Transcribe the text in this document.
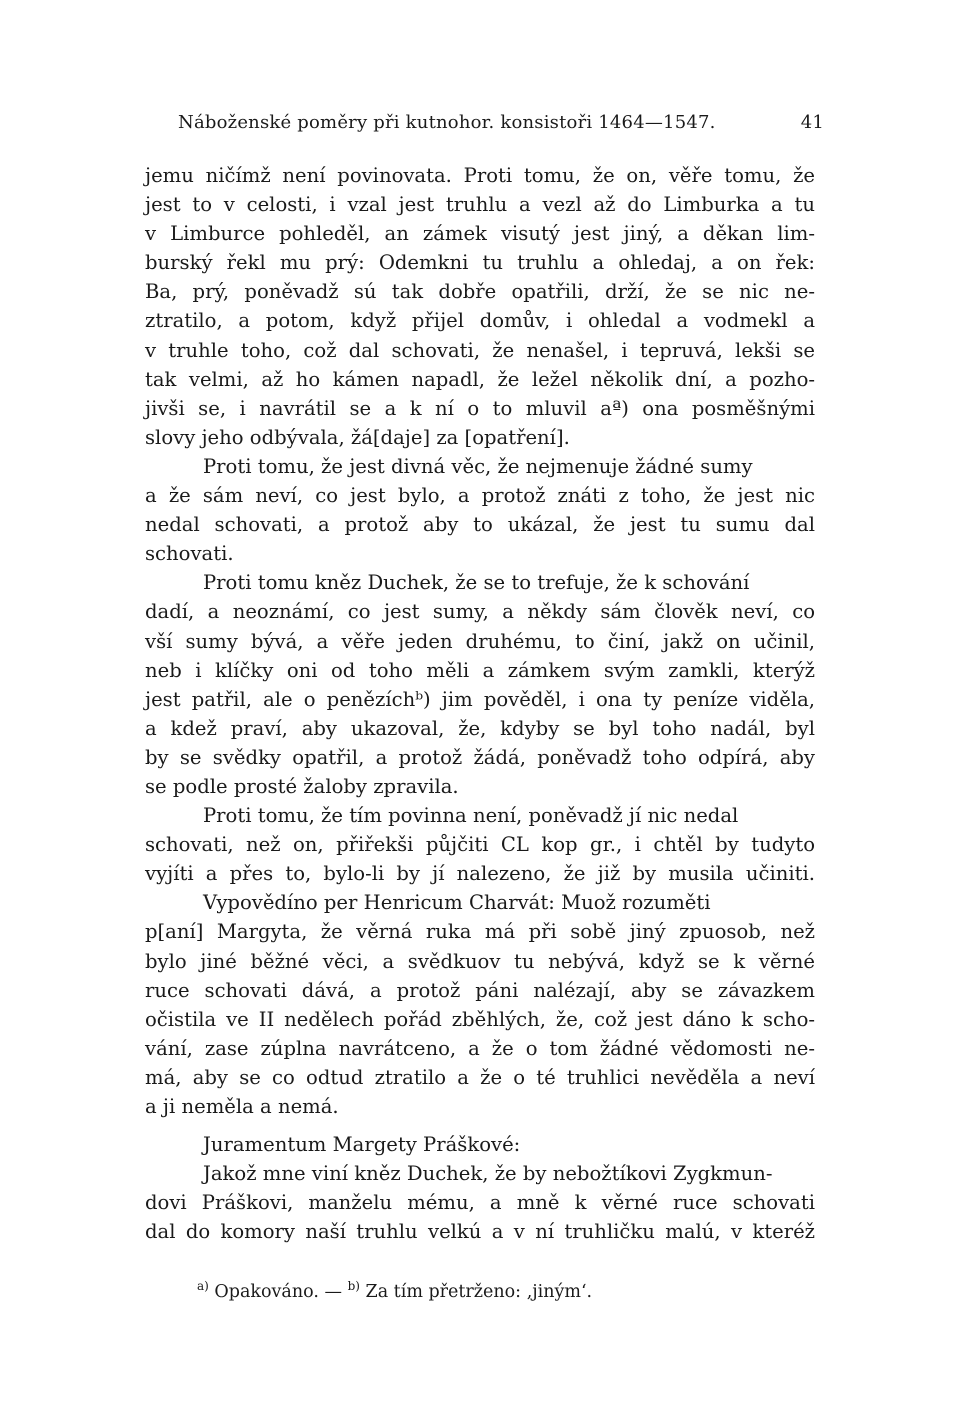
Náboženské poměry při kutnohor. konsistoři 1464—1547.	41
jemu ničímž není povinovata. Proti tomu, že on, věře tomu, že
jest to v celosti, i vzal jest truhlu a vezl až do Limburka a tu
v Limburce pohleděl, an zámek visutý jest jiný, a děkan lim-
burský řekl mu prý: Odemkni tu truhlu a ohledaj, a on řek:
Ba, prý, poněvadž sú tak dobře opatřili, drží, že se nic ne-
ztratilo, a potom, když přijel domův, i ohledal a vodmekl a
v truhle toho, což dal schovati, že nenašel, i tepruvá, lekši se
tak velmi, až ho kámen napadl, že ležel několik dní, a pozho-
jivši se, i navrátil se a k ní o to mluvil aª) ona posměšnými
slovy jeho odbývala, žá[daje] za [opatření].
Proti tomu, že jest divná věc, že nejmenuje žádné sumy
a že sám neví, co jest bylo, a protož znáti z toho, že jest nic
nedal schovati, a protož aby to ukázal, že jest tu sumu dal
schovati.
Proti tomu kněz Duchek, že se to trefuje, že k schování
dadí, a neoznámí, co jest sumy, a někdy sám člověk neví, co
vší sumy bývá, a věře jeden druhému, to činí, jakž on učinil,
neb i klíčky oni od toho měli a zámkem svým zamkli, kterýž
jest patřil, ale o penězíchᵇ) jim pověděl, i ona ty peníze viděla,
a kdež praví, aby ukazoval, že, kdyby se byl toho nadál, byl
by se svědky opatřil, a protož žádá, poněvadž toho odpírá, aby
se podle prosté žaloby zpravila.
Proti tomu, že tím povinna není, poněvadž jí nic nedal
schovati, než on, přiřekši půjčiti CL kop gr., i chtěl by tudyto
vyjíti a přes to, bylo-li by jí nalezeno, že již by musila učiniti.
Vypovědíno per Henricum Charvát: Muož rozuměti
p[aní] Margyta, že věrná ruka má při sobě jiný zpuosob, než
bylo jiné běžné věci, a svědkuov tu nebývá, když se k věrné
ruce schovati dává, a protož páni nalézají, aby se závazkem
očistila ve II nedělech pořád zběhlých, že, což jest dáno k scho-
vání, zase zúplna navrátceno, a že o tom žádné vědomosti ne-
má, aby se co odtud ztratilo a že o té truhlici nevěděla a neví
a ji neměla a nemá.
Juramentum Margety Práškové:
Jakož mne viní kněz Duchek, že by nebožtíkovi Zygkmun-
dovi Práškovi, manželu mému, a mně k věrné ruce schovati
dal do komory naší truhlu velkú a v ní truhličku malú, v kteréž
$^{a)}$ Opakováno. — $^{b)}$ Za tím přetrženo: ‚jiným‘.
